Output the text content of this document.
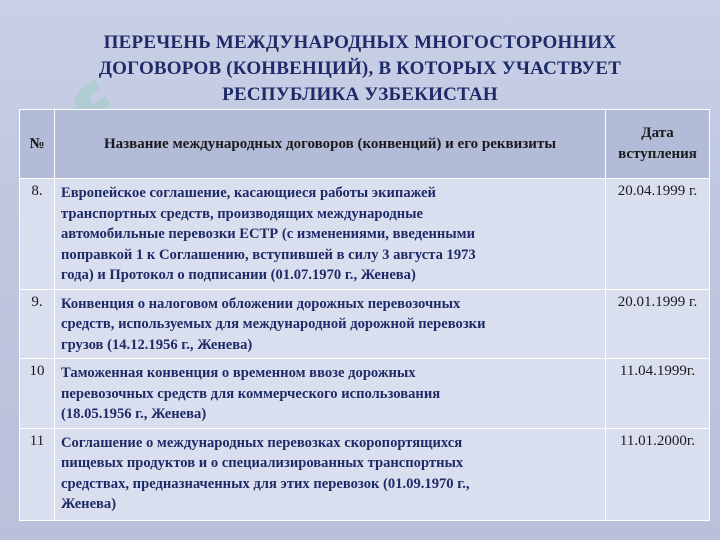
ПЕРЕЧЕНЬ МЕЖДУНАРОДНЫХ МНОГОСТОРОННИХ
ДОГОВОРОВ (КОНВЕНЦИЙ), В КОТОРЫХ УЧАСТВУЕТ
РЕСПУБЛИКА УЗБЕКИСТАН
№	Название международных договоров (конвенций) и его реквизиты	Дата
вступления
8.	Европейское соглашение, касающиеся работы экипажей
транспортных средств, производящих международные
автомобильные перевозки ЕСТР (с изменениями, введенными
поправкой 1 к Соглашению, вступившей в силу 3 августа 1973
года) и Протокол о подписании (01.07.1970 г., Женева)	20.04.1999 г.
9.	Конвенция о налоговом обложении дорожных перевозочных
средств, используемых для международной дорожной перевозки
грузов (14.12.1956 г., Женева)	20.01.1999 г.
10	Таможенная конвенция о временном ввозе дорожных
перевозочных средств для коммерческого использования
(18.05.1956 г., Женева)	11.04.1999г.
11	Соглашение о международных перевозках скоропортящихся
пищевых продуктов и о специализированных транспортных
средствах, предназначенных для этих перевозок (01.09.1970 г.,
Женева)	11.01.2000г.
